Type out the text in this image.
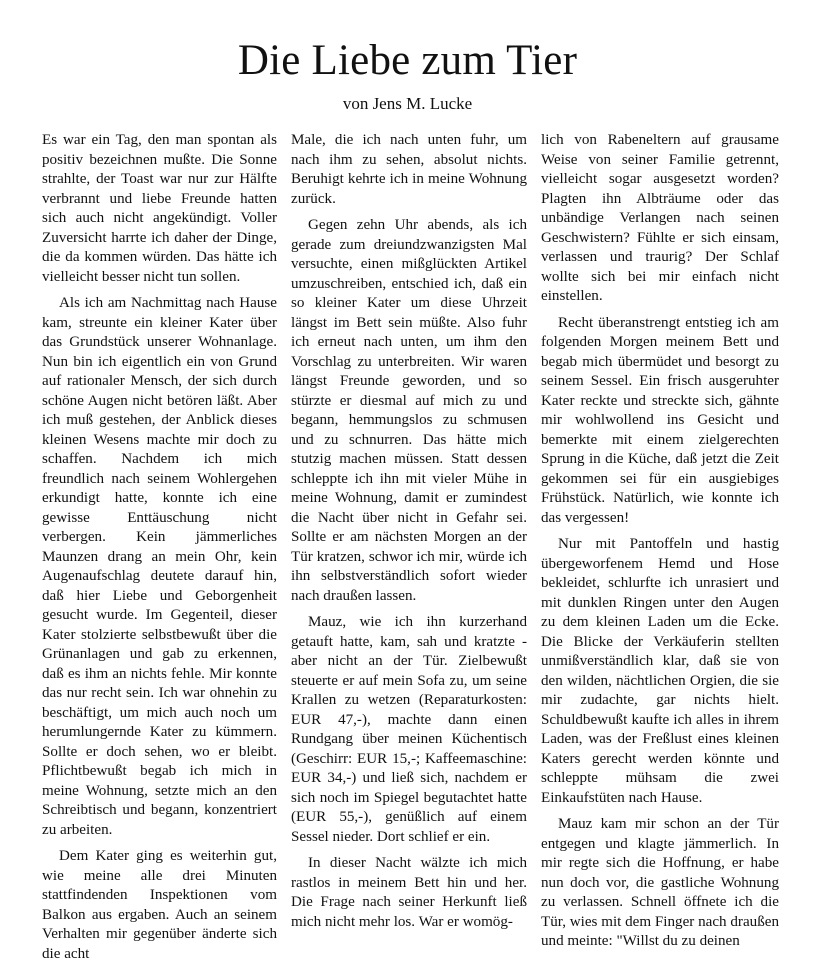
Die Liebe zum Tier
von Jens M. Lucke

Es war ein Tag, den man spontan als positiv bezeichnen mußte. Die Sonne strahlte, der Toast war nur zur Hälfte verbrannt und liebe Freunde hatten sich auch nicht angekündigt. Voller Zuversicht harrte ich daher der Dinge, die da kommen würden. Das hätte ich vielleicht besser nicht tun sollen.

Als ich am Nachmittag nach Hause kam, streunte ein kleiner Kater über das Grundstück unserer Wohnanlage. Nun bin ich eigentlich ein von Grund auf rationaler Mensch, der sich durch schöne Augen nicht betören läßt. Aber ich muß gestehen, der Anblick dieses kleinen Wesens machte mir doch zu schaffen. Nachdem ich mich freundlich nach seinem Wohlergehen erkundigt hatte, konnte ich eine gewisse Enttäuschung nicht verbergen. Kein jämmerliches Maunzen drang an mein Ohr, kein Augenaufschlag deutete darauf hin, daß hier Liebe und Geborgenheit gesucht wurde. Im Gegenteil, dieser Kater stolzierte selbstbewußt über die Grünanlagen und gab zu erkennen, daß es ihm an nichts fehle. Mir konnte das nur recht sein. Ich war ohnehin zu beschäftigt, um mich auch noch um herumlungernde Kater zu kümmern. Sollte er doch sehen, wo er bleibt. Pflichtbewußt begab ich mich in meine Wohnung, setzte mich an den Schreibtisch und begann, konzentriert zu arbeiten.

Dem Kater ging es weiterhin gut, wie meine alle drei Minuten stattfindenden Inspektionen vom Balkon aus ergaben. Auch an seinem Verhalten mir gegenüber änderte sich die acht

Male, die ich nach unten fuhr, um nach ihm zu sehen, absolut nichts. Beruhigt kehrte ich in meine Wohnung zurück.

Gegen zehn Uhr abends, als ich gerade zum dreiundzwanzigsten Mal versuchte, einen mißglückten Artikel umzuschreiben, entschied ich, daß ein so kleiner Kater um diese Uhrzeit längst im Bett sein müßte. Also fuhr ich erneut nach unten, um ihm den Vorschlag zu unterbreiten. Wir waren längst Freunde geworden, und so stürzte er diesmal auf mich zu und begann, hemmungslos zu schmusen und zu schnurren. Das hätte mich stutzig machen müssen. Statt dessen schleppte ich ihn mit vieler Mühe in meine Wohnung, damit er zumindest die Nacht über nicht in Gefahr sei. Sollte er am nächsten Morgen an der Tür kratzen, schwor ich mir, würde ich ihn selbstverständlich sofort wieder nach draußen lassen.

Mauz, wie ich ihn kurzerhand getauft hatte, kam, sah und kratzte - aber nicht an der Tür. Zielbewußt steuerte er auf mein Sofa zu, um seine Krallen zu wetzen (Reparaturkosten: EUR 47,-), machte dann einen Rundgang über meinen Küchentisch (Geschirr: EUR 15,-; Kaffeemaschine: EUR 34,-) und ließ sich, nachdem er sich noch im Spiegel begutachtet hatte (EUR 55,-), genüßlich auf einem Sessel nieder. Dort schlief er ein.

In dieser Nacht wälzte ich mich rastlos in meinem Bett hin und her. Die Frage nach seiner Herkunft ließ mich nicht mehr los. War er womög-

lich von Rabeneltern auf grausame Weise von seiner Familie getrennt, vielleicht sogar ausgesetzt worden? Plagten ihn Albträume oder das unbändige Verlangen nach seinen Geschwistern? Fühlte er sich einsam, verlassen und traurig? Der Schlaf wollte sich bei mir einfach nicht einstellen.

Recht überanstrengt entstieg ich am folgenden Morgen meinem Bett und begab mich übermüdet und besorgt zu seinem Sessel. Ein frisch ausgeruhter Kater reckte und streckte sich, gähnte mir wohlwollend ins Gesicht und bemerkte mit einem zielgerechten Sprung in die Küche, daß jetzt die Zeit gekommen sei für ein ausgiebiges Frühstück. Natürlich, wie konnte ich das vergessen!

Nur mit Pantoffeln und hastig übergeworfenem Hemd und Hose bekleidet, schlurfte ich unrasiert und mit dunklen Ringen unter den Augen zu dem kleinen Laden um die Ecke. Die Blicke der Verkäuferin stellten unmißverständlich klar, daß sie von den wilden, nächtlichen Orgien, die sie mir zudachte, gar nichts hielt. Schuldbewußt kaufte ich alles in ihrem Laden, was der Freßlust eines kleinen Katers gerecht werden könnte und schleppte mühsam die zwei Einkaufstüten nach Hause.

Mauz kam mir schon an der Tür entgegen und klagte jämmerlich. In mir regte sich die Hoffnung, er habe nun doch vor, die gastliche Wohnung zu verlassen. Schnell öffnete ich die Tür, wies mit dem Finger nach draußen und meinte: "Willst du zu deinen
